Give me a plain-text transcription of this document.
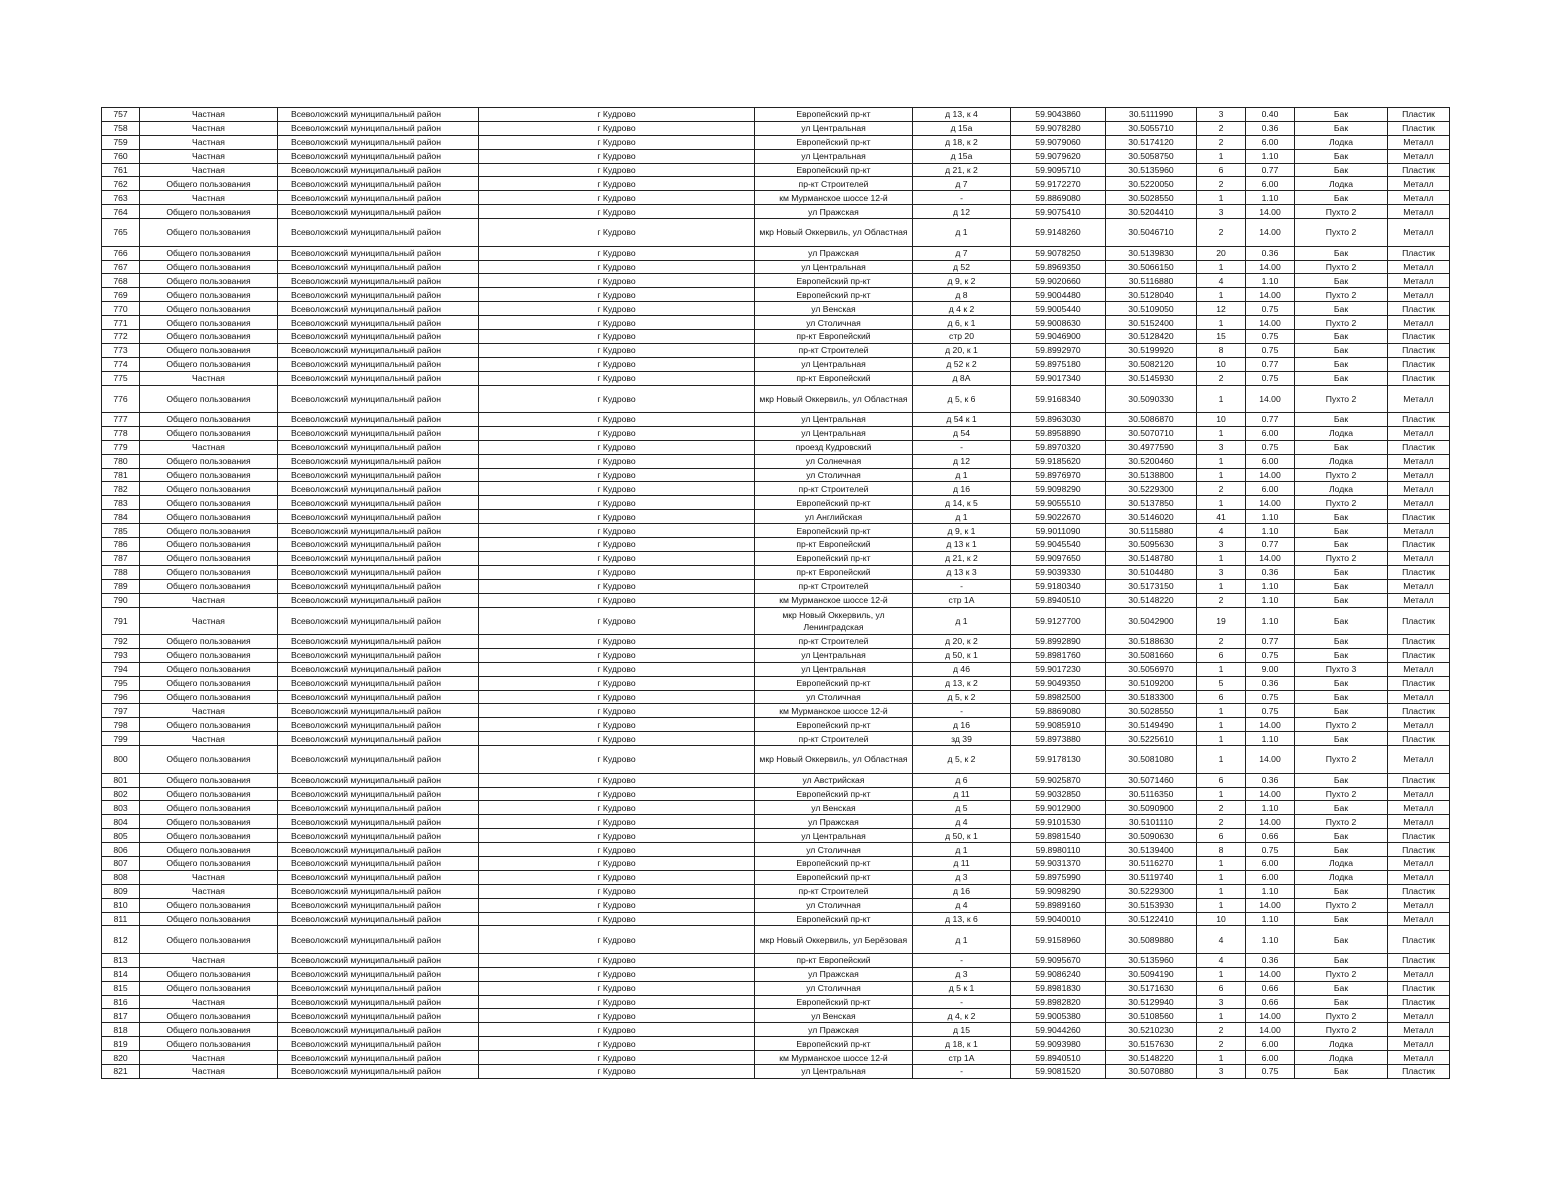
757	Частная	Всеволожский муниципальный район	г Кудрово	Европейский пр-кт	д 13, к 4	59.9043860	30.5111990	3	0.40	Бак	Пластик
758	Частная	Всеволожский муниципальный район	г Кудрово	ул Центральная	д 15а	59.9078280	30.5055710	2	0.36	Бак	Пластик
759	Частная	Всеволожский муниципальный район	г Кудрово	Европейский пр-кт	д 18, к 2	59.9079060	30.5174120	2	6.00	Лодка	Металл
760	Частная	Всеволожский муниципальный район	г Кудрово	ул Центральная	д 15а	59.9079620	30.5058750	1	1.10	Бак	Металл
761	Частная	Всеволожский муниципальный район	г Кудрово	Европейский пр-кт	д 21, к 2	59.9095710	30.5135960	6	0.77	Бак	Пластик
762	Общего пользования	Всеволожский муниципальный район	г Кудрово	пр-кт Строителей	д 7	59.9172270	30.5220050	2	6.00	Лодка	Металл
763	Частная	Всеволожский муниципальный район	г Кудрово	км Мурманское шоссе 12-й	-	59.8869080	30.5028550	1	1.10	Бак	Металл
764	Общего пользования	Всеволожский муниципальный район	г Кудрово	ул Пражская	д 12	59.9075410	30.5204410	3	14.00	Пухто 2	Металл
765	Общего пользования	Всеволожский муниципальный район	г Кудрово	мкр Новый Оккервиль, ул Областная	д 1	59.9148260	30.5046710	2	14.00	Пухто 2	Металл
766	Общего пользования	Всеволожский муниципальный район	г Кудрово	ул Пражская	д 7	59.9078250	30.5139830	20	0.36	Бак	Пластик
767	Общего пользования	Всеволожский муниципальный район	г Кудрово	ул Центральная	д 52	59.8969350	30.5066150	1	14.00	Пухто 2	Металл
768	Общего пользования	Всеволожский муниципальный район	г Кудрово	Европейский пр-кт	д 9, к 2	59.9020660	30.5116880	4	1.10	Бак	Металл
769	Общего пользования	Всеволожский муниципальный район	г Кудрово	Европейский пр-кт	д 8	59.9004480	30.5128040	1	14.00	Пухто 2	Металл
770	Общего пользования	Всеволожский муниципальный район	г Кудрово	ул Венская	д 4 к 2	59.9005440	30.5109050	12	0.75	Бак	Пластик
771	Общего пользования	Всеволожский муниципальный район	г Кудрово	ул Столичная	д 6, к 1	59.9008630	30.5152400	1	14.00	Пухто 2	Металл
772	Общего пользования	Всеволожский муниципальный район	г Кудрово	пр-кт Европейский	стр 20	59.9046900	30.5128420	15	0.75	Бак	Пластик
773	Общего пользования	Всеволожский муниципальный район	г Кудрово	пр-кт Строителей	д 20, к 1	59.8992970	30.5199920	8	0.75	Бак	Пластик
774	Общего пользования	Всеволожский муниципальный район	г Кудрово	ул Центральная	д 52 к 2	59.8975180	30.5082120	10	0.77	Бак	Пластик
775	Частная	Всеволожский муниципальный район	г Кудрово	пр-кт Европейский	д 8А	59.9017340	30.5145930	2	0.75	Бак	Пластик
776	Общего пользования	Всеволожский муниципальный район	г Кудрово	мкр Новый Оккервиль, ул Областная	д 5, к 6	59.9168340	30.5090330	1	14.00	Пухто 2	Металл
777	Общего пользования	Всеволожский муниципальный район	г Кудрово	ул Центральная	д 54 к 1	59.8963030	30.5086870	10	0.77	Бак	Пластик
778	Общего пользования	Всеволожский муниципальный район	г Кудрово	ул Центральная	д 54	59.8958890	30.5070710	1	6.00	Лодка	Металл
779	Частная	Всеволожский муниципальный район	г Кудрово	проезд Кудровский	-	59.8970320	30.4977590	3	0.75	Бак	Пластик
780	Общего пользования	Всеволожский муниципальный район	г Кудрово	ул Солнечная	д 12	59.9185620	30.5200460	1	6.00	Лодка	Металл
781	Общего пользования	Всеволожский муниципальный район	г Кудрово	ул Столичная	д 1	59.8976970	30.5138800	1	14.00	Пухто 2	Металл
782	Общего пользования	Всеволожский муниципальный район	г Кудрово	пр-кт Строителей	д 16	59.9098290	30.5229300	2	6.00	Лодка	Металл
783	Общего пользования	Всеволожский муниципальный район	г Кудрово	Европейский пр-кт	д 14, к 5	59.9055510	30.5137850	1	14.00	Пухто 2	Металл
784	Общего пользования	Всеволожский муниципальный район	г Кудрово	ул Английская	д 1	59.9022670	30.5146020	41	1.10	Бак	Пластик
785	Общего пользования	Всеволожский муниципальный район	г Кудрово	Европейский пр-кт	д 9, к 1	59.9011090	30.5115880	4	1.10	Бак	Металл
786	Общего пользования	Всеволожский муниципальный район	г Кудрово	пр-кт Европейский	д 13 к 1	59.9045540	30.5095630	3	0.77	Бак	Пластик
787	Общего пользования	Всеволожский муниципальный район	г Кудрово	Европейский пр-кт	д 21, к 2	59.9097650	30.5148780	1	14.00	Пухто 2	Металл
788	Общего пользования	Всеволожский муниципальный район	г Кудрово	пр-кт Европейский	д 13 к 3	59.9039330	30.5104480	3	0.36	Бак	Пластик
789	Общего пользования	Всеволожский муниципальный район	г Кудрово	пр-кт Строителей	-	59.9180340	30.5173150	1	1.10	Бак	Металл
790	Частная	Всеволожский муниципальный район	г Кудрово	км Мурманское шоссе 12-й	стр 1А	59.8940510	30.5148220	2	1.10	Бак	Металл
791	Частная	Всеволожский муниципальный район	г Кудрово	мкр Новый Оккервиль, ул Ленинградская	д 1	59.9127700	30.5042900	19	1.10	Бак	Пластик
792	Общего пользования	Всеволожский муниципальный район	г Кудрово	пр-кт Строителей	д 20, к 2	59.8992890	30.5188630	2	0.77	Бак	Пластик
793	Общего пользования	Всеволожский муниципальный район	г Кудрово	ул Центральная	д 50, к 1	59.8981760	30.5081660	6	0.75	Бак	Пластик
794	Общего пользования	Всеволожский муниципальный район	г Кудрово	ул Центральная	д 46	59.9017230	30.5056970	1	9.00	Пухто 3	Металл
795	Общего пользования	Всеволожский муниципальный район	г Кудрово	Европейский пр-кт	д 13, к 2	59.9049350	30.5109200	5	0.36	Бак	Пластик
796	Общего пользования	Всеволожский муниципальный район	г Кудрово	ул Столичная	д 5, к 2	59.8982500	30.5183300	6	0.75	Бак	Металл
797	Частная	Всеволожский муниципальный район	г Кудрово	км Мурманское шоссе 12-й	-	59.8869080	30.5028550	1	0.75	Бак	Пластик
798	Общего пользования	Всеволожский муниципальный район	г Кудрово	Европейский пр-кт	д 16	59.9085910	30.5149490	1	14.00	Пухто 2	Металл
799	Частная	Всеволожский муниципальный район	г Кудрово	пр-кт Строителей	зд 39	59.8973880	30.5225610	1	1.10	Бак	Пластик
800	Общего пользования	Всеволожский муниципальный район	г Кудрово	мкр Новый Оккервиль, ул Областная	д 5, к 2	59.9178130	30.5081080	1	14.00	Пухто 2	Металл
801	Общего пользования	Всеволожский муниципальный район	г Кудрово	ул Австрийская	д 6	59.9025870	30.5071460	6	0.36	Бак	Пластик
802	Общего пользования	Всеволожский муниципальный район	г Кудрово	Европейский пр-кт	д 11	59.9032850	30.5116350	1	14.00	Пухто 2	Металл
803	Общего пользования	Всеволожский муниципальный район	г Кудрово	ул Венская	д 5	59.9012900	30.5090900	2	1.10	Бак	Металл
804	Общего пользования	Всеволожский муниципальный район	г Кудрово	ул Пражская	д 4	59.9101530	30.5101110	2	14.00	Пухто 2	Металл
805	Общего пользования	Всеволожский муниципальный район	г Кудрово	ул Центральная	д 50, к 1	59.8981540	30.5090630	6	0.66	Бак	Пластик
806	Общего пользования	Всеволожский муниципальный район	г Кудрово	ул Столичная	д 1	59.8980110	30.5139400	8	0.75	Бак	Пластик
807	Общего пользования	Всеволожский муниципальный район	г Кудрово	Европейский пр-кт	д 11	59.9031370	30.5116270	1	6.00	Лодка	Металл
808	Частная	Всеволожский муниципальный район	г Кудрово	Европейский пр-кт	д 3	59.8975990	30.5119740	1	6.00	Лодка	Металл
809	Частная	Всеволожский муниципальный район	г Кудрово	пр-кт Строителей	д 16	59.9098290	30.5229300	1	1.10	Бак	Пластик
810	Общего пользования	Всеволожский муниципальный район	г Кудрово	ул Столичная	д 4	59.8989160	30.5153930	1	14.00	Пухто 2	Металл
811	Общего пользования	Всеволожский муниципальный район	г Кудрово	Европейский пр-кт	д 13, к 6	59.9040010	30.5122410	10	1.10	Бак	Металл
812	Общего пользования	Всеволожский муниципальный район	г Кудрово	мкр Новый Оккервиль, ул Берёзовая	д 1	59.9158960	30.5089880	4	1.10	Бак	Пластик
813	Частная	Всеволожский муниципальный район	г Кудрово	пр-кт Европейский	-	59.9095670	30.5135960	4	0.36	Бак	Пластик
814	Общего пользования	Всеволожский муниципальный район	г Кудрово	ул Пражская	д 3	59.9086240	30.5094190	1	14.00	Пухто 2	Металл
815	Общего пользования	Всеволожский муниципальный район	г Кудрово	ул Столичная	д 5 к 1	59.8981830	30.5171630	6	0.66	Бак	Пластик
816	Частная	Всеволожский муниципальный район	г Кудрово	Европейский пр-кт	-	59.8982820	30.5129940	3	0.66	Бак	Пластик
817	Общего пользования	Всеволожский муниципальный район	г Кудрово	ул Венская	д 4, к 2	59.9005380	30.5108560	1	14.00	Пухто 2	Металл
818	Общего пользования	Всеволожский муниципальный район	г Кудрово	ул Пражская	д 15	59.9044260	30.5210230	2	14.00	Пухто 2	Металл
819	Общего пользования	Всеволожский муниципальный район	г Кудрово	Европейский пр-кт	д 18, к 1	59.9093980	30.5157630	2	6.00	Лодка	Металл
820	Частная	Всеволожский муниципальный район	г Кудрово	км Мурманское шоссе 12-й	стр 1А	59.8940510	30.5148220	1	6.00	Лодка	Металл
821	Частная	Всеволожский муниципальный район	г Кудрово	ул Центральная	-	59.9081520	30.5070880	3	0.75	Бак	Пластик
